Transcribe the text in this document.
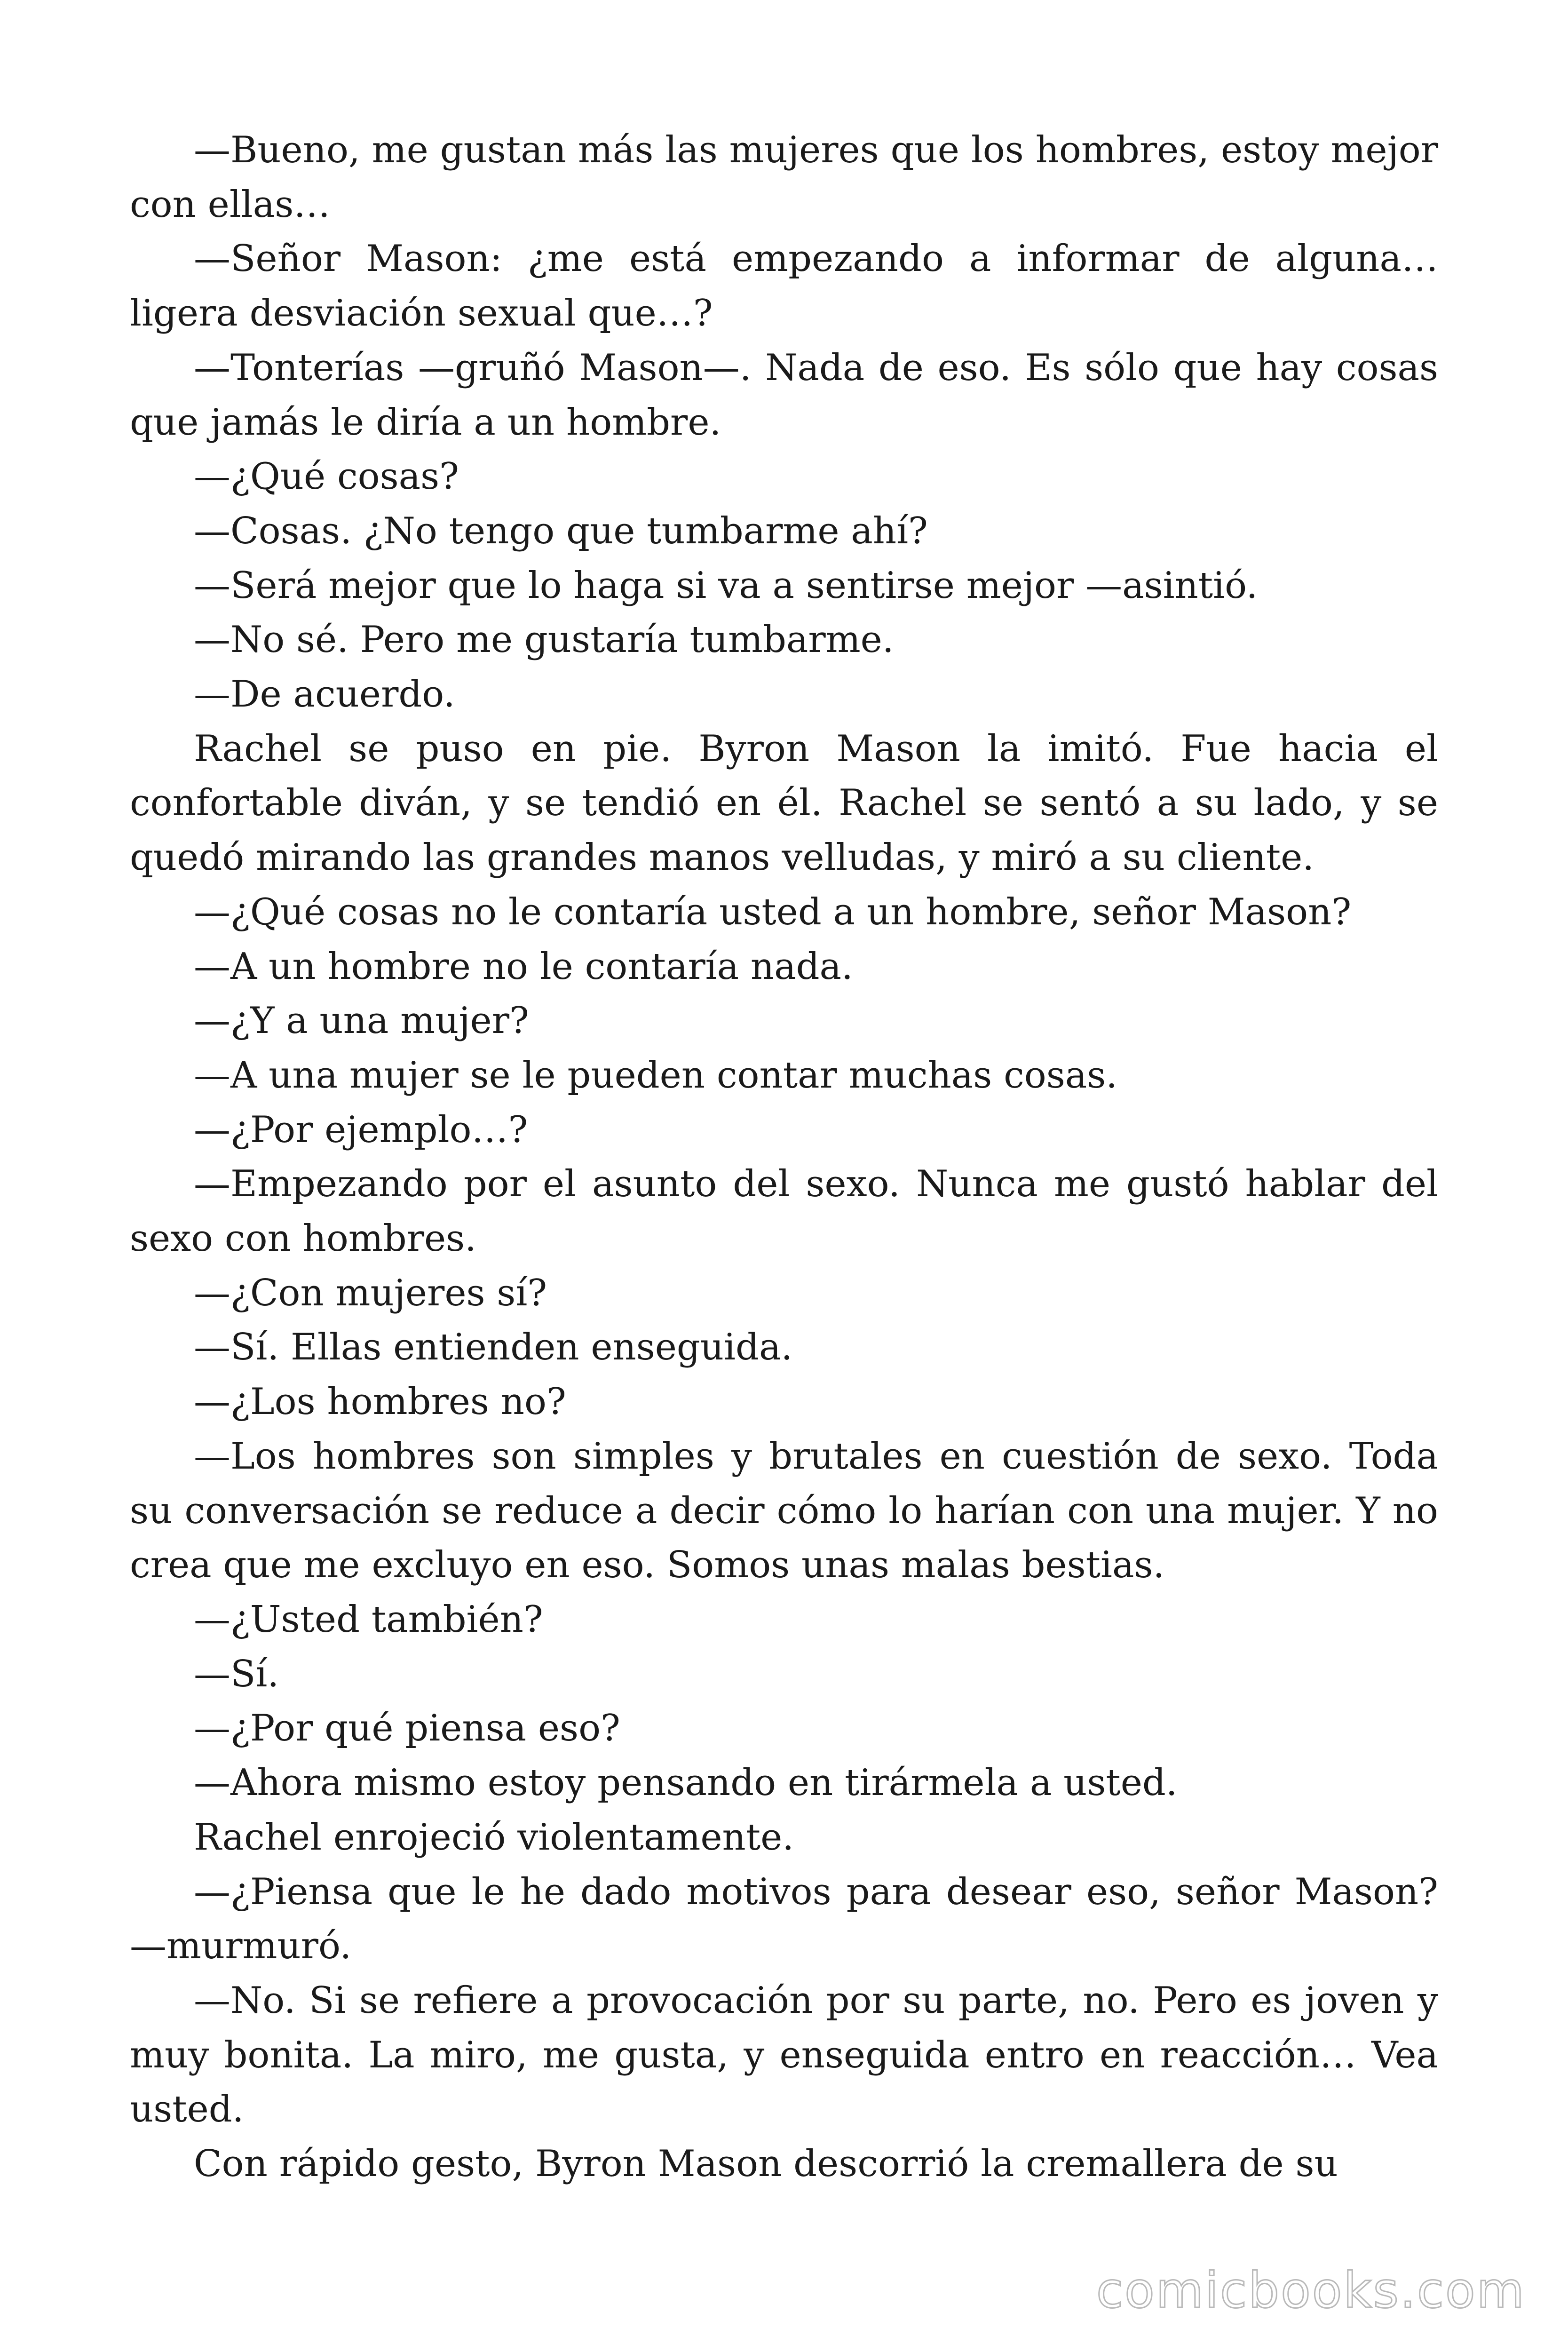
—Bueno, me gustan más las mujeres que los hombres, estoy mejor con ellas…

—Señor Mason: ¿me está empezando a informar de alguna… ligera desviación sexual que…?

—Tonterías —gruñó Mason—. Nada de eso. Es sólo que hay cosas que jamás le diría a un hombre.

—¿Qué cosas?

—Cosas. ¿No tengo que tumbarme ahí?

—Será mejor que lo haga si va a sentirse mejor —asintió.

—No sé. Pero me gustaría tumbarme.

—De acuerdo.

Rachel se puso en pie. Byron Mason la imitó. Fue hacia el confortable diván, y se tendió en él. Rachel se sentó a su lado, y se quedó mirando las grandes manos velludas, y miró a su cliente.

—¿Qué cosas no le contaría usted a un hombre, señor Mason?

—A un hombre no le contaría nada.

—¿Y a una mujer?

—A una mujer se le pueden contar muchas cosas.

—¿Por ejemplo…?

—Empezando por el asunto del sexo. Nunca me gustó hablar del sexo con hombres.

—¿Con mujeres sí?

—Sí. Ellas entienden enseguida.

—¿Los hombres no?

—Los hombres son simples y brutales en cuestión de sexo. Toda su conversación se reduce a decir cómo lo harían con una mujer. Y no crea que me excluyo en eso. Somos unas malas bestias.

—¿Usted también?

—Sí.

—¿Por qué piensa eso?

—Ahora mismo estoy pensando en tirármela a usted.

Rachel enrojeció violentamente.

—¿Piensa que le he dado motivos para desear eso, señor Mason? —murmuró.

—No. Si se refiere a provocación por su parte, no. Pero es joven y muy bonita. La miro, me gusta, y enseguida entro en reacción… Vea usted.

Con rápido gesto, Byron Mason descorrió la cremallera de su

comicbooks.com
